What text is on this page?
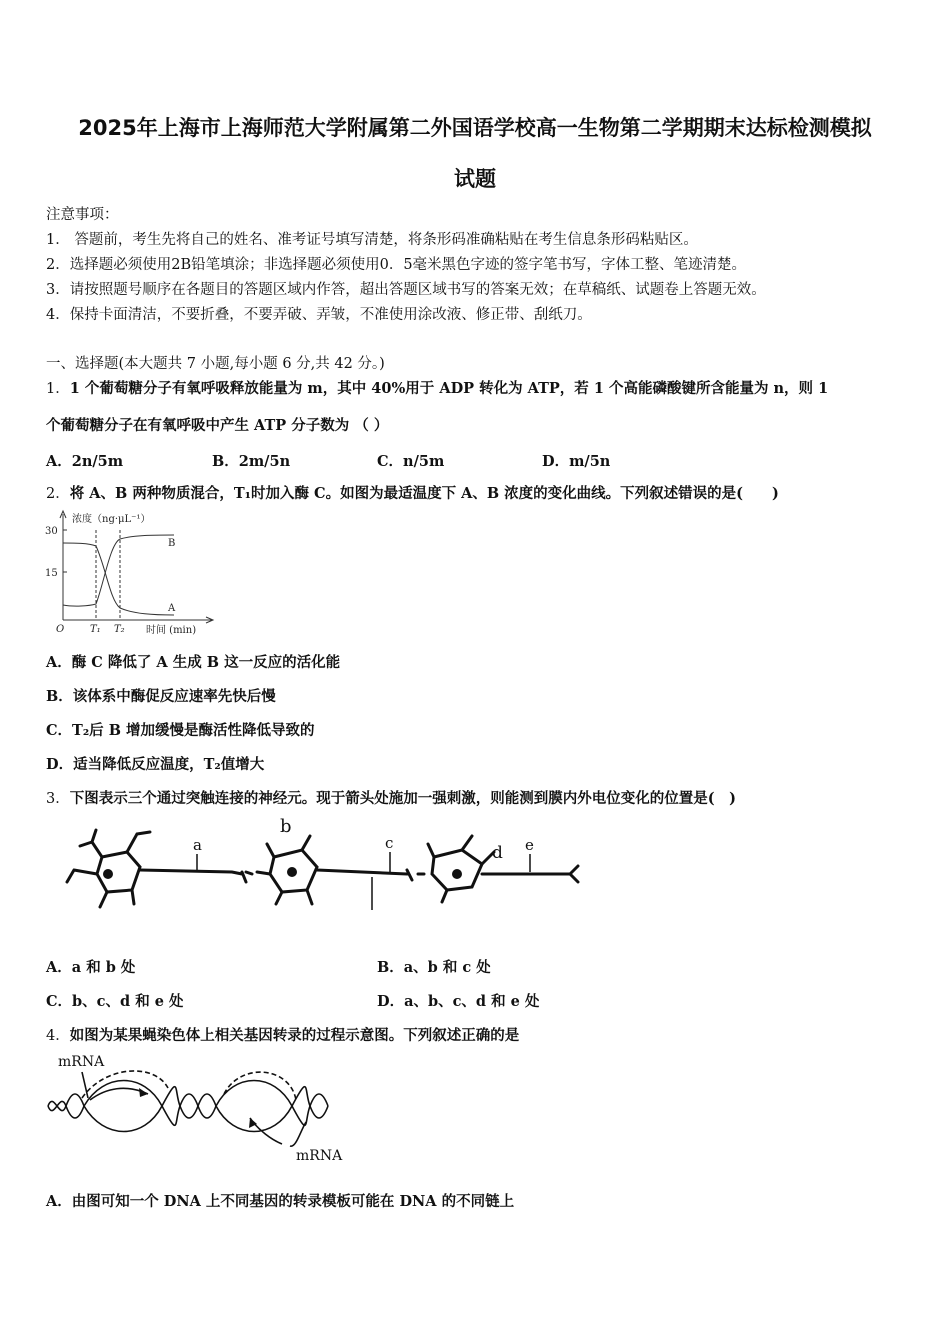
2025年上海市上海师范大学附属第二外国语学校高一生物第二学期期末达标检测模拟
试题
注意事项：
1． 答题前，考生先将自己的姓名、准考证号填写清楚，将条形码准确粘贴在考生信息条形码粘贴区。
2．选择题必须使用2B铅笔填涂；非选择题必须使用0．5毫米黑色字迹的签字笔书写，字体工整、笔迹清楚。
3．请按照题号顺序在各题目的答题区域内作答，超出答题区域书写的答案无效；在草稿纸、试题卷上答题无效。
4．保持卡面清洁，不要折叠，不要弄破、弄皱，不准使用涂改液、修正带、刮纸刀。
一、选择题(本大题共 7 小题,每小题 6 分,共 42 分。)
1．1 个葡萄糖分子有氧呼吸释放能量为 m，其中 40%用于 ADP 转化为 ATP，若 1 个高能磷酸键所含能量为 n，则 1
个葡萄糖分子在有氧呼吸中产生 ATP 分子数为 （ ）
A．2n/5m	B．2m/5n	C．n/5m	D．m/5n
2．将 A、B 两种物质混合，T₁时加入酶 C。如图为最适温度下 A、B 浓度的变化曲线。下列叙述错误的是(　　)
浓度（ng·μL⁻¹）
30
15
O	T₁ T₂ 时间 (min)
B
A
A．酶 C 降低了 A 生成 B 这一反应的活化能
B．该体系中酶促反应速率先快后慢
C．T₂后 B 增加缓慢是酶活性降低导致的
D．适当降低反应温度，T₂值增大
3．下图表示三个通过突触连接的神经元。现于箭头处施加一强刺激，则能测到膜内外电位变化的位置是(　)
a
b
c	d e
A．a 和 b 处	B．a、b 和 c 处
C．b、c、d 和 e 处	D．a、b、c、d 和 e 处
4．如图为某果蝇染色体上相关基因转录的过程示意图。下列叙述正确的是
mRNA
mRNA
A．由图可知一个 DNA 上不同基因的转录模板可能在 DNA 的不同链上
